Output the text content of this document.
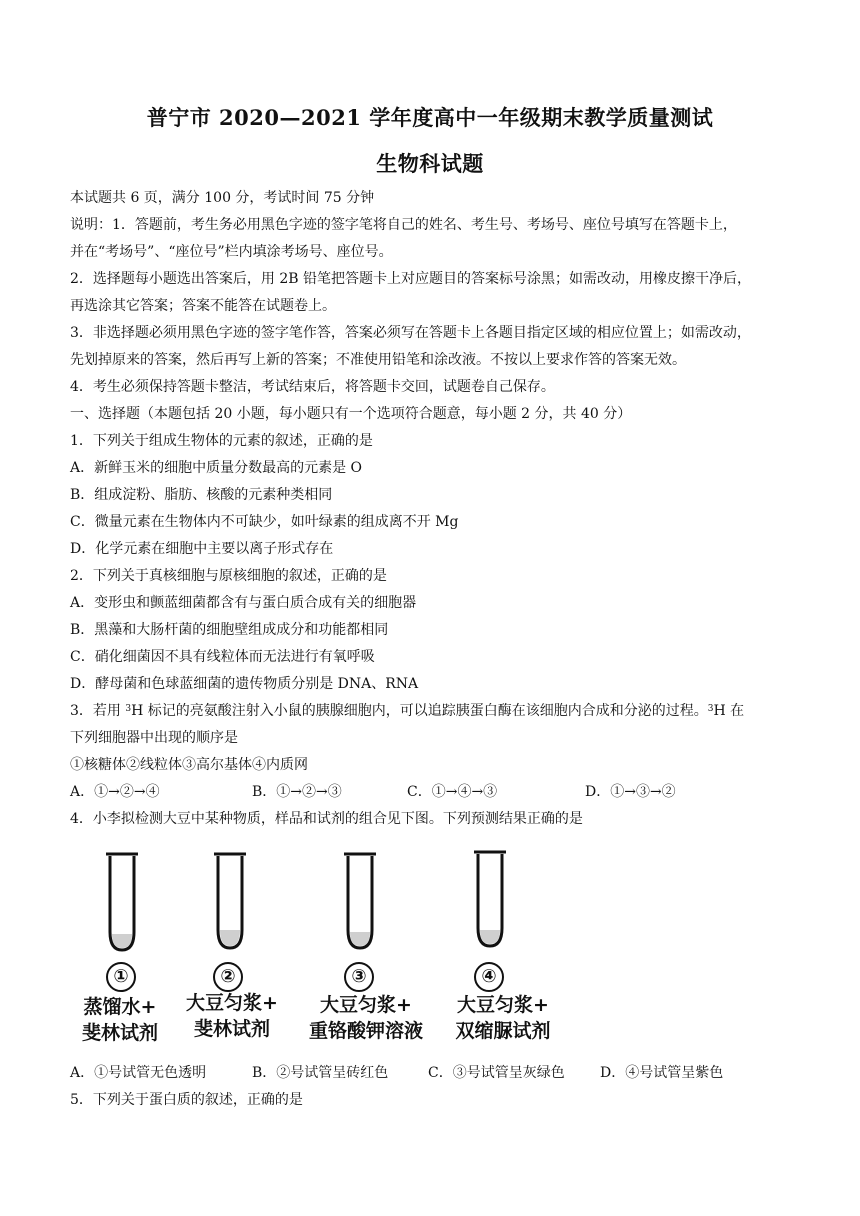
普宁市 2020—2021 学年度高中一年级期末教学质量测试
生物科试题
本试题共 6 页，满分 100 分，考试时间 75 分钟
说明：1．答题前，考生务必用黑色字迹的签字笔将自己的姓名、考生号、考场号、座位号填写在答题卡上，
并在“考场号”、“座位号”栏内填涂考场号、座位号。
2．选择题每小题选出答案后，用 2B 铅笔把答题卡上对应题目的答案标号涂黑；如需改动，用橡皮擦干净后，
再选涂其它答案；答案不能答在试题卷上。
3．非选择题必须用黑色字迹的签字笔作答，答案必须写在答题卡上各题目指定区域的相应位置上；如需改动，
先划掉原来的答案，然后再写上新的答案；不准使用铅笔和涂改液。不按以上要求作答的答案无效。
4．考生必须保持答题卡整洁，考试结束后，将答题卡交回，试题卷自己保存。
一、选择题（本题包括 20 小题，每小题只有一个选项符合题意，每小题 2 分，共 40 分）
1．下列关于组成生物体的元素的叙述，正确的是
A．新鲜玉米的细胞中质量分数最高的元素是 O
B．组成淀粉、脂肪、核酸的元素种类相同
C．微量元素在生物体内不可缺少，如叶绿素的组成离不开 Mg
D．化学元素在细胞中主要以离子形式存在
2．下列关于真核细胞与原核细胞的叙述，正确的是
A．变形虫和颤蓝细菌都含有与蛋白质合成有关的细胞器
B．黑藻和大肠杆菌的细胞壁组成成分和功能都相同
C．硝化细菌因不具有线粒体而无法进行有氧呼吸
D．酵母菌和色球蓝细菌的遗传物质分别是 DNA、RNA
3．若用 $^3$H 标记的亮氨酸注射入小鼠的胰腺细胞内，可以追踪胰蛋白酶在该细胞内合成和分泌的过程。$^3$H 在
下列细胞器中出现的顺序是
①核糖体②线粒体③高尔基体④内质网
A．①→②→④	B．①→②→③	C．①→④→③	D．①→③→②
4．小李拟检测大豆中某种物质，样品和试剂的组合见下图。下列预测结果正确的是
①	②	③	④
蒸馏水+
斐林试剂
大豆匀浆+
斐林试剂
大豆匀浆+
重铬酸钾溶液
大豆匀浆+
双缩脲试剂
A．①号试管无色透明	B．②号试管呈砖红色	C．③号试管呈灰绿色	D．④号试管呈紫色
5．下列关于蛋白质的叙述，正确的是
